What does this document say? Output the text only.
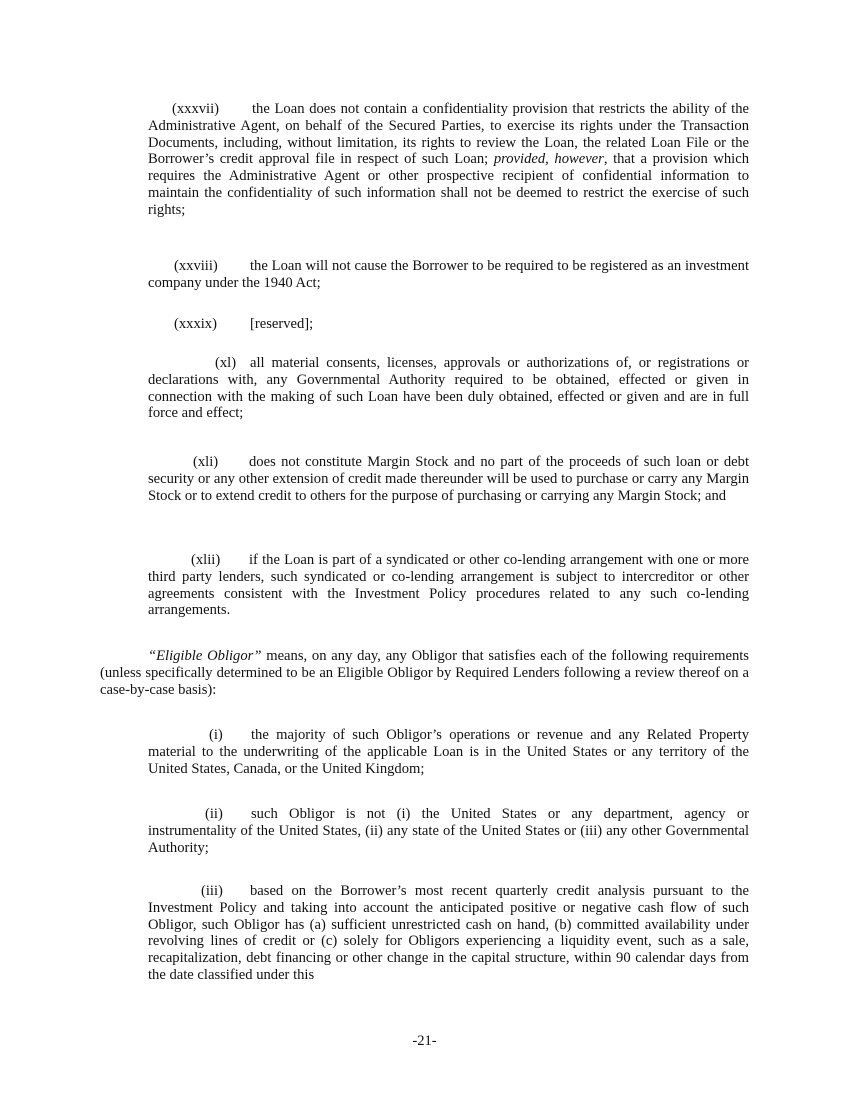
(xxxvii) the Loan does not contain a confidentiality provision that restricts the ability of the Administrative Agent, on behalf of the Secured Parties, to exercise its rights under the Transaction Documents, including, without limitation, its rights to review the Loan, the related Loan File or the Borrower’s credit approval file in respect of such Loan; provided, however, that a provision which requires the Administrative Agent or other prospective recipient of confidential information to maintain the confidentiality of such information shall not be deemed to restrict the exercise of such rights;

(xxviii) the Loan will not cause the Borrower to be required to be registered as an investment company under the 1940 Act;

(xxxix) [reserved];

(xl) all material consents, licenses, approvals or authorizations of, or registrations or declarations with, any Governmental Authority required to be obtained, effected or given in connection with the making of such Loan have been duly obtained, effected or given and are in full force and effect;

(xli) does not constitute Margin Stock and no part of the proceeds of such loan or debt security or any other extension of credit made thereunder will be used to purchase or carry any Margin Stock or to extend credit to others for the purpose of purchasing or carrying any Margin Stock; and

(xlii) if the Loan is part of a syndicated or other co-lending arrangement with one or more third party lenders, such syndicated or co-lending arrangement is subject to intercreditor or other agreements consistent with the Investment Policy procedures related to any such co-lending arrangements.

“Eligible Obligor” means, on any day, any Obligor that satisfies each of the following requirements (unless specifically determined to be an Eligible Obligor by Required Lenders following a review thereof on a case-by-case basis):

(i) the majority of such Obligor’s operations or revenue and any Related Property material to the underwriting of the applicable Loan is in the United States or any territory of the United States, Canada, or the United Kingdom;

(ii) such Obligor is not (i) the United States or any department, agency or instrumentality of the United States, (ii) any state of the United States or (iii) any other Governmental Authority;

(iii) based on the Borrower’s most recent quarterly credit analysis pursuant to the Investment Policy and taking into account the anticipated positive or negative cash flow of such Obligor, such Obligor has (a) sufficient unrestricted cash on hand, (b) committed availability under revolving lines of credit or (c) solely for Obligors experiencing a liquidity event, such as a sale, recapitalization, debt financing or other change in the capital structure, within 90 calendar days from the date classified under this

-21-
